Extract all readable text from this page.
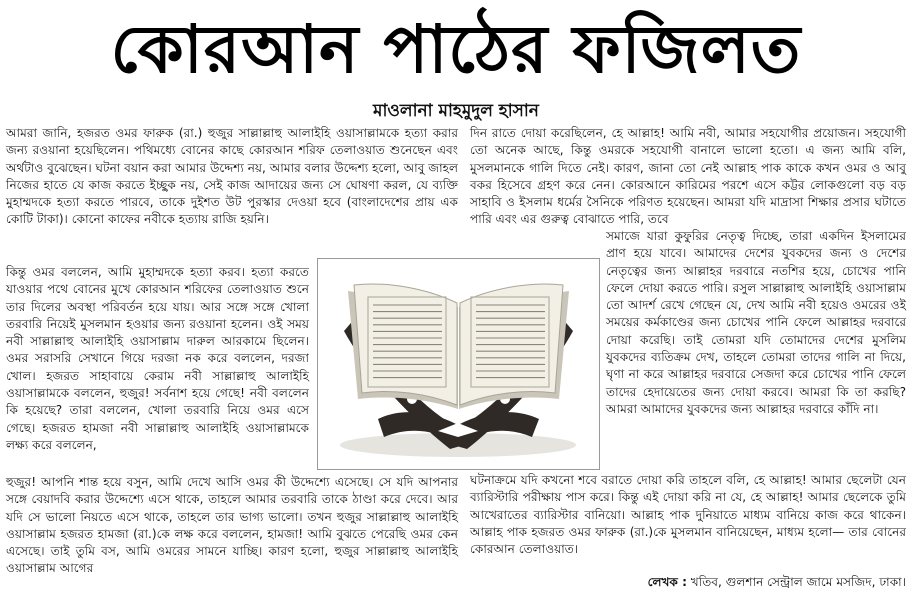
কোরআন পাঠের ফজিলত
মাওলানা মাহমুদুল হাসান

আমরা জানি, হজরত ওমর ফারুক (রা.) হুজুর সাল্লাল্লাহু আলাইহি ওয়াসাল্লামকে হত্যা করার জন্য রওয়ানা হয়েছিলেন। পথিমধ্যে বোনের কাছে কোরআন শরিফ তেলাওয়াত শুনেছেন এবং অর্থটাও বুঝেছেন। ঘটনা বয়ান করা আমার উদ্দেশ্য নয়, আমার বলার উদ্দেশ্য হলো, আবু জাহল নিজের হাতে যে কাজ করতে ইচ্ছুক নয়, সেই কাজ আদায়ের জন্য সে ঘোষণা করল, যে ব্যক্তি মুহাম্মদকে হত্যা করতে পারবে, তাকে দুইশত উট পুরস্কার দেওয়া হবে (বাংলাদেশের প্রায় এক কোটি টাকা)। কোনো কাফের নবীকে হত্যায় রাজি হয়নি।

কিন্তু ওমর বললেন, আমি মুহাম্মদকে হত্যা করব। হত্যা করতে যাওয়ার পথে বোনের মুখে কোরআন শরিফের তেলাওয়াত শুনে তার দিলের অবস্থা পরিবর্তন হয়ে যায়। আর সঙ্গে সঙ্গে খোলা তরবারি নিয়েই মুসলমান হওয়ার জন্য রওয়ানা হলেন। ওই সময় নবী সাল্লাল্লাহু আলাইহি ওয়াসাল্লাম দারুল আরকামে ছিলেন। ওমর সরাসরি সেখানে গিয়ে দরজা নক করে বললেন, দরজা খোল। হজরত সাহাবায়ে কেরাম নবী সাল্লাল্লাহু আলাইহি ওয়াসাল্লামকে বললেন, হুজুর! সর্বনাশ হয়ে গেছে! নবী বললেন কি হয়েছে? তারা বললেন, খোলা তরবারি নিয়ে ওমর এসে গেছে। হজরত হামজা নবী সাল্লাল্লাহু আলাইহি ওয়াসাল্লামকে লক্ষ্য করে বললেন,

হুজুর! আপনি শান্ত হয়ে বসুন, আমি দেখে আসি ওমর কী উদ্দেশ্যে এসেছে। সে যদি আপনার সঙ্গে বেয়াদবি করার উদ্দেশ্যে এসে থাকে, তাহলে আমার তরবারি তাকে ঠাণ্ডা করে দেবে। আর যদি সে ভালো নিয়তে এসে থাকে, তাহলে তার ভাগ্য ভালো। তখন হুজুর সাল্লাল্লাহু আলাইহি ওয়াসাল্লাম হজরত হামজা (রা.)কে লক্ষ করে বললেন, হামজা! আমি বুঝতে পেরেছি ওমর কেন এসেছে। তাই তুমি বস, আমি ওমরের সামনে যাচ্ছি। কারণ হলো, হুজুর সাল্লাল্লাহু আলাইহি ওয়াসাল্লাম আগের

দিন রাতে দোয়া করেছিলেন, হে আল্লাহ! আমি নবী, আমার সহযোগীর প্রয়োজন। সহযোগী তো অনেক আছে, কিন্তু ওমরকে সহযোগী বানালে ভালো হতো। এ জন্য আমি বলি, মুসলমানকে গালি দিতে নেই। কারণ, জানা তো নেই আল্লাহ পাক কাকে কখন ওমর ও আবু বকর হিসেবে গ্রহণ করে নেন। কোরআনে কারিমের পরশে এসে কট্টর লোকগুলো বড় বড় সাহাবি ও ইসলাম ধর্মের সৈনিকে পরিণত হয়েছেন। আমরা যদি মাদ্রাসা শিক্ষার প্রসার ঘটাতে পারি এবং এর গুরুত্ব বোঝাতে পারি, তবে

সমাজে যারা কুফুরির নেতৃত্ব দিচ্ছে, তারা একদিন ইসলামের প্রাণ হয়ে যাবে। আমাদের দেশের যুবকদের জন্য ও দেশের নেতৃত্বের জন্য আল্লাহর দরবারে নতশির হয়ে, চোখের পানি ফেলে দোয়া করতে পারি। রসুল সাল্লাল্লাহু আলাইহি ওয়াসাল্লাম তো আদর্শ রেখে গেছেন যে, দেখ আমি নবী হয়েও ওমরের ওই সময়ের কর্মকাণ্ডের জন্য চোখের পানি ফেলে আল্লাহর দরবারে দোয়া করেছি। তাই তোমরা যদি তোমাদের দেশের মুসলিম যুবকদের ব্যতিক্রম দেখ, তাহলে তোমরা তাদের গালি না দিয়ে, ঘৃণা না করে আল্লাহর দরবারে সেজদা করে চোখের পানি ফেলে তাদের হেদায়েতের জন্য দোয়া করবে। আমরা কি তা করছি? আমরা আমাদের যুবকদের জন্য আল্লাহর দরবারে কাঁদি না।

ঘটনাক্রমে যদি কখনো শবে বরাতে দোয়া করি তাহলে বলি, হে আল্লাহ! আমার ছেলেটা যেন ব্যারিস্টারি পরীক্ষায় পাস করে। কিন্তু এই দোয়া করি না যে, হে আল্লাহ! আমার ছেলেকে তুমি আখেরাতের ব্যারিস্টার বানিয়ো। আল্লাহ পাক দুনিয়াতে মাধ্যম বানিয়ে কাজ করে থাকেন। আল্লাহ পাক হজরত ওমর ফারুক (রা.)কে মুসলমান বানিয়েছেন, মাধ্যম হলো— তার বোনের কোরআন তেলাওয়াত।

লেখক : খতিব, গুলশান সেন্ট্রাল জামে মসজিদ, ঢাকা।
